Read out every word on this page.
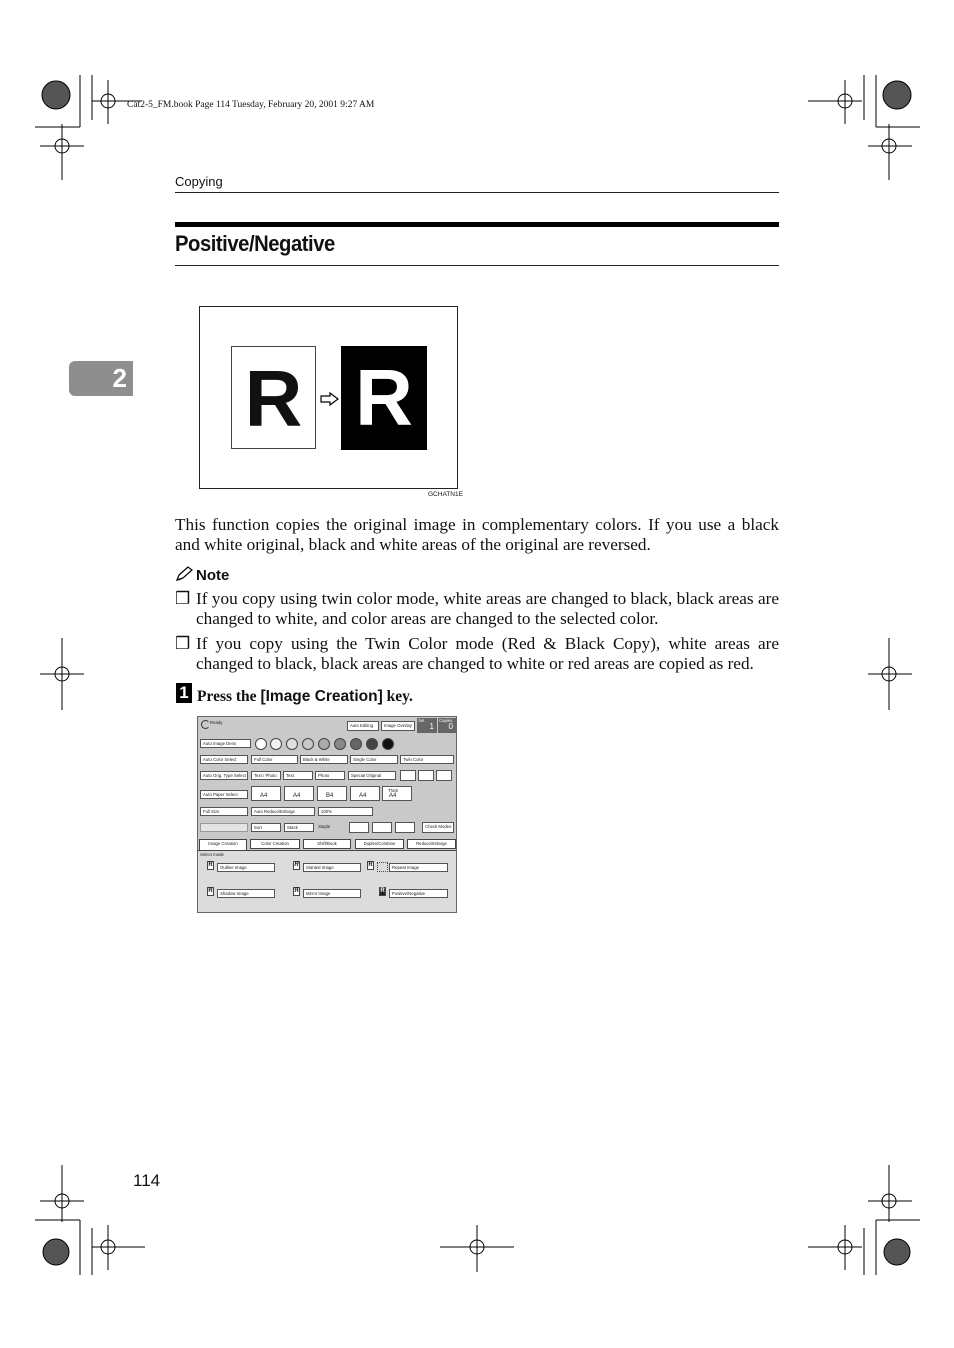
Cat2-5_FM.book Page 114 Tuesday, February 20, 2001 9:27 AM
Copying
Positive/Negative
2 R R
GCHATN1E
This function copies the original image in complementary colors. If you use a black and white original, black and white areas of the original are reversed.
Note
❒ If you copy using twin color mode, white areas are changed to black, black areas are changed to white, and color areas are changed to the selected color.
❒ If you copy using the Twin Color mode (Red & Black Copy), white areas are changed to black, black areas are changed to white or red areas are copied as red.
1 Press the [Image Creation] key.
Ready
Auto Editing	Image Overlay
Set
1
Copies
0
Auto Image Dens
Auto Color Select	Full Color	Black & White	Single Color	Twin Color
Auto Orig. Type Select	Text / Photo	Text	Photo	Special Original
Auto Paper Select	A4	A4	B4	A4
Thick
A4
Full Size	Auto Reduce/Enlarge	100%
Sort	Stack	Staple	Check Modes
Image Creation	Color Creation	Shift/Book	Duplex/Combine	Reduce/Enlarge
Select mode
R	Outline Image	R	Slanted Image	R	Repeat Image
R	Shadow Image	R	Mirror Image	R	Positive/Negative
114
